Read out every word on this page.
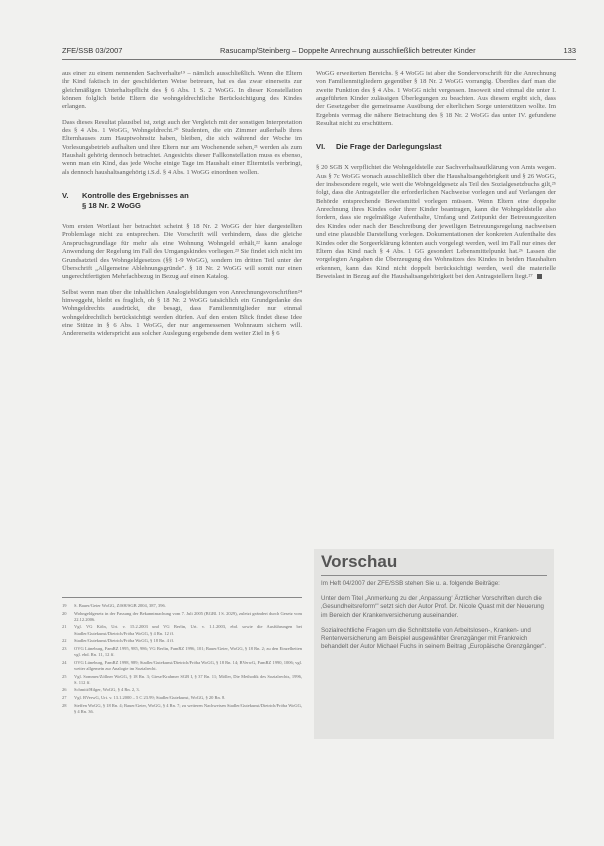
ZFE/SSB 03/2007	Rasucamp/Steinberg – Doppelte Anrechnung ausschließlich betreuter Kinder	133

aus einer zu einem nennenden Sachverhalte¹⁹ – nämlich ausschließlich. Wenn die Eltern ihr Kind faktisch in der geschilderten Weise betreuen, hat es das zwar einerseits zur gleichmäßigen Unterhaltspflicht des § 6 Abs. 1 S. 2 WoGG. In dieser Konstellation können folglich beide Eltern die wohngeldrechtliche Berücksichtigung des Kindes erlangen.

Dass dieses Resultat plausibel ist, zeigt auch der Vergleich mit der sonstigen Interpretation des § 4 Abs. 1 WoGG, Wohngeldrecht.²⁰ Studenten, die ein Zimmer außerhalb ihres Elternhauses zum Hauptwohnsitz haben, bleiben, die sich während der Woche im Vorlesungsbetrieb aufhalten und ihre Eltern nur am Wochenende sehen,²¹ werden als zum Haushalt gehörig dennoch betrachtet. Angesichts dieser Fallkonstellation muss es ebenso, wenn man ein Kind, das jede Woche einige Tage im Haushalt einer Elternteils verbringt, als dennoch haushaltsangehörig i.S.d. § 4 Abs. 1 WoGG einordnen wollen.

V. Kontrolle des Ergebnisses an
§ 18 Nr. 2 WoGG

Vom ersten Wortlaut her betrachtet scheint § 18 Nr. 2 WoGG der hier dargestellten Problemlage nicht zu entsprechen. Die Vorschrift will verhindern, dass die gleiche Anspruchsgrundlage für mehr als eine Wohnung Wohngeld erhält,²² kann analoge Anwendung der Regelung im Fall des Umgangskindes vorliegen.²³ Sie findet sich nicht im Grundsatzteil des Wohngeldgesetzes (§§ 1-9 WoGG), sondern im dritten Teil unter der Überschrift „Allgemeine Ablehnungsgründe". § 18 Nr. 2 WoGG will somit nur einen ungerechtfertigten Mehrfachbezug in Bezug auf einen Katalog.

Selbst wenn man über die inhaltlichen Analogiebildungen von Anrechnungsvorschriften²⁴ hinweggeht, bleibt es fraglich, ob § 18 Nr. 2 WoGG tatsächlich ein Grundgedanke des Wohngeldrechts ausdrückt, die besagt, dass Familienmitglieder nur einmal wohngeldrechtlich berücksichtigt werden dürfen. Auf den ersten Blick findet diese Idee eine Stütze in § 6 Abs. 1 WoGG, der nur angemessenen Wohnraum sichern will. Andererseits widerspricht aus solcher Auslegung ergebende dem weiter Ziel in § 6

19	S. Bauer/Geier WoGG, ZfSH/SGB 2004, 387, 396.
20	Wohngeldgesetz in der Fassung der Bekanntmachung vom 7. Juli 2005 (BGBl. I S. 2029), zuletzt geändert durch Gesetz vom 22.12.2006.
21	Vgl. VG Köln, Urt. v. 15.2.2003 und VG Berlin, Urt. v. 1.1.2003, ebd. sowie die Ausführungen bei Stadler/Gutekunst/Dietrich/Fröba WoGG, § 4 Rn. 12 ff.
22	Stadler/Gutekunst/Dietrich/Fröba WoGG, § 18 Rn. 4 ff.
23	OVG Lüneburg, FamRZ 1995, 985, 986; VG Berlin, FamRZ 1996, 101; Bauer/Geier, WoGG, § 18 Rn. 2; zu den Einzelheiten vgl. ebd. Rn. 11, 12 ff.
24	OVG Lüneburg, FamRZ 1998, 989; Stadler/Gutekunst/Dietrich/Fröba WoGG, § 18 Rn. 14; BVerwG, FamRZ 1990, 1006; vgl. weiter allgemein zur Analogie im Sozialrecht.
25	Vgl. Sommer/Zöllner WoGG, § 18 Rn. 3; Giese/Krahmer SGB I, § 37 Rn. 11; Möller, Die Methodik des Sozialrechts, 1996, S. 112 ff.
26	Schmitt/Hilger, WoGG, § 4 Rn. 2, 3.
27	Vgl. BVerwG, Urt. v. 13.1.2000 – 5 C 23.99; Stadler/Gutekunst, WoGG, § 20 Rn. 8.
28	Steffen WoGG, § 18 Rn. 4; Bauer/Geier, WoGG, § 4 Rn. 7; zu weiteren Nachweisen Stadler/Gutekunst/Dietrich/Fröba WoGG, § 4 Rn. 36.

WoGG erweiterten Bereichs. § 4 WoGG ist aber die Sondervorschrift für die Anrechnung von Familienmitgliedern gegenüber § 18 Nr. 2 WoGG vorrangig. Überdies darf man die zweite Funktion des § 4 Abs. 1 WoGG nicht vergessen. Insoweit sind einmal die unter I. angeführten Kinder zulässigen Überlegungen zu beachten. Aus diesem ergibt sich, dass der Gesetzgeber die gemeinsame Ausübung der elterlichen Sorge unterstützen wollte. Im Ergebnis vermag die nähere Betrachtung des § 18 Nr. 2 WoGG das unter IV. gefundene Resultat nicht zu erschüttern.

VI. Die Frage der Darlegungslast

§ 20 SGB X verpflichtet die Wohngeldstelle zur Sachverhaltsaufklärung von Amts wegen. Aus § 7c WoGG wonach ausschließlich über die Haushaltsangehörigkeit und § 26 WoGG, der insbesondere regelt, wie weit die Wohngeldgesetz als Teil des Sozialgesetzbuchs gilt,²⁵ folgt, dass die Antragsteller die erforderlichen Nachweise vorlegen und auf Verlangen der Behörde entsprechende Beweismittel vorlegen müssen. Wenn Eltern eine doppelte Anrechnung ihres Kindes oder ihrer Kinder beantragen, kann die Wohngeldstelle also fordern, dass sie regelmäßige Aufenthalte, Umfang und Zeitpunkt der Betreuungszeiten des Kindes oder nach der Beschreibung der jeweiligen Betreuungsregelung nachweisen und eine plausible Darstellung vorlegen. Dokumentationen der konkreten Aufenthalte des Kindes oder die Sorgeerklärung könnten auch vorgelegt werden, weil im Fall nur eines der Eltern das Kind nach § 4 Abs. 1 GG gesondert Lebensmittelpunkt hat.²⁶ Lassen die vorgelegten Angaben die Überzeugung des Wohnsitzes des Kindes in beiden Haushalten erkennen, kann das Kind nicht doppelt berücksichtigt werden, weil die materielle Beweislast in Bezug auf die Haushaltsangehörigkeit bei den Antragstellern liegt.²⁷

Vorschau

Im Heft 04/2007 der ZFE/SSB stehen Sie u. a. folgende Beiträge:

Unter dem Titel „Anmerkung zu der ‚Anpassung‘ Ärztlicher Vorschriften durch die ‚Gesundheitsreform‘" setzt sich der Autor Prof. Dr. Nicole Quast mit der Neuerung im Bereich der Krankenversicherung auseinander.

Sozialrechtliche Fragen um die Schnittstelle von Arbeitslosen-, Kranken- und Rentenversicherung am Beispiel ausgewählter Grenzgänger mit Frankreich behandelt der Autor Michael Fuchs in seinem Beitrag „Europäische Grenzgänger".
